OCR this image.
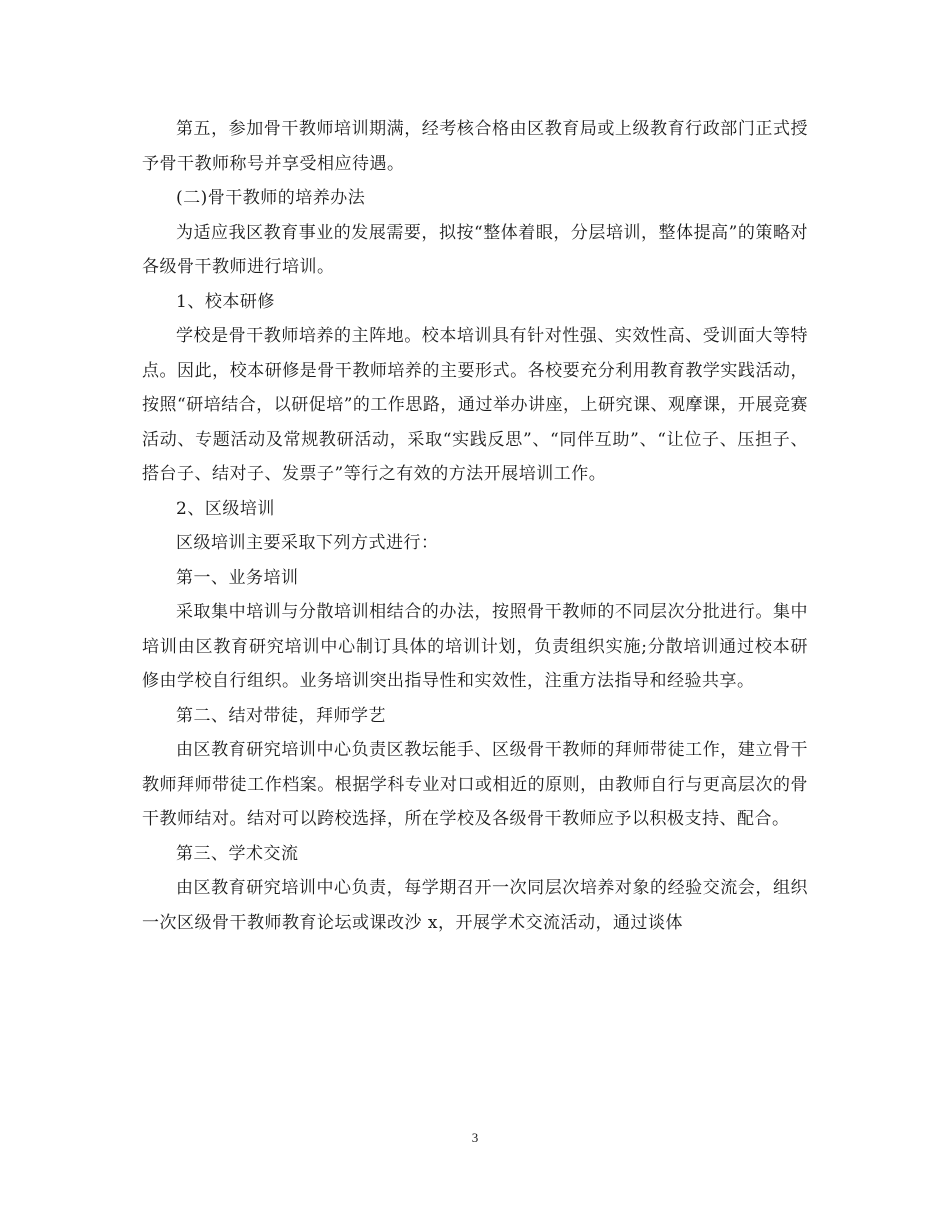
第五，参加骨干教师培训期满，经考核合格由区教育局或上级教育行政部门正式授予骨干教师称号并享受相应待遇。

(二)骨干教师的培养办法

为适应我区教育事业的发展需要，拟按“整体着眼，分层培训，整体提高”的策略对各级骨干教师进行培训。

1、校本研修

学校是骨干教师培养的主阵地。校本培训具有针对性强、实效性高、受训面大等特点。因此，校本研修是骨干教师培养的主要形式。各校要充分利用教育教学实践活动，按照“研培结合，以研促培”的工作思路，通过举办讲座，上研究课、观摩课，开展竞赛活动、专题活动及常规教研活动，采取“实践反思”、“同伴互助”、“让位子、压担子、搭台子、结对子、发票子”等行之有效的方法开展培训工作。

2、区级培训

区级培训主要采取下列方式进行：

第一、业务培训

采取集中培训与分散培训相结合的办法，按照骨干教师的不同层次分批进行。集中培训由区教育研究培训中心制订具体的培训计划，负责组织实施;分散培训通过校本研修由学校自行组织。业务培训突出指导性和实效性，注重方法指导和经验共享。

第二、结对带徒，拜师学艺

由区教育研究培训中心负责区教坛能手、区级骨干教师的拜师带徒工作，建立骨干教师拜师带徒工作档案。根据学科专业对口或相近的原则，由教师自行与更高层次的骨干教师结对。结对可以跨校选择，所在学校及各级骨干教师应予以积极支持、配合。

第三、学术交流

由区教育研究培训中心负责，每学期召开一次同层次培养对象的经验交流会，组织一次区级骨干教师教育论坛或课改沙 x，开展学术交流活动，通过谈体

3
